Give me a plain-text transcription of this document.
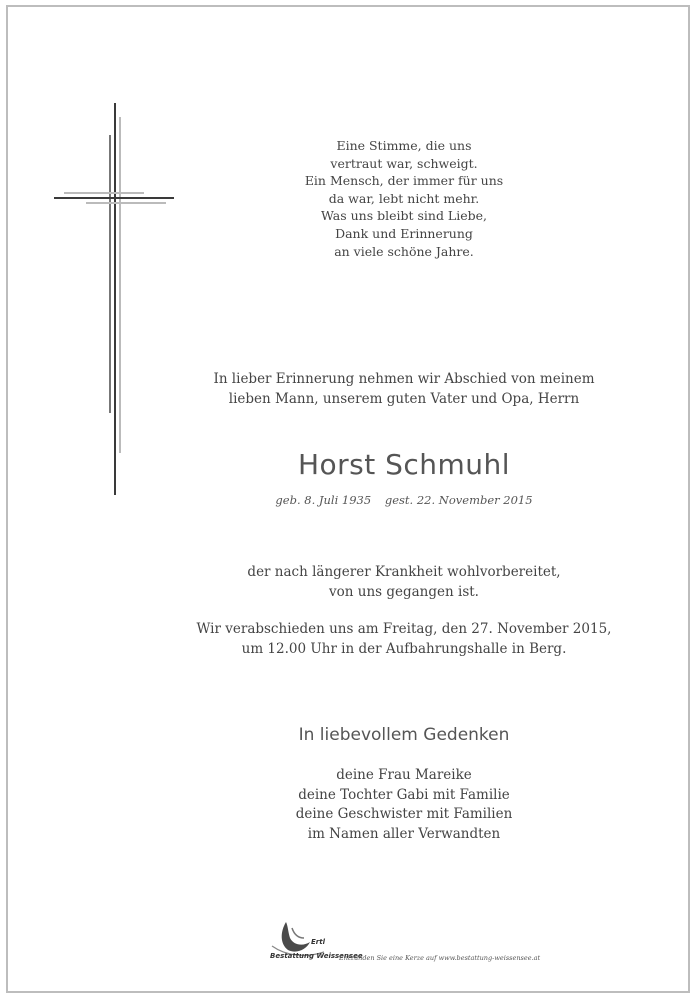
Eine Stimme, die uns
vertraut war, schweigt.
Ein Mensch, der immer für uns
da war, lebt nicht mehr.
Was uns bleibt sind Liebe,
Dank und Erinnerung
an viele schöne Jahre.
In lieber Erinnerung nehmen wir Abschied von meinem
lieben Mann, unserem guten Vater und Opa, Herrn
Horst Schmuhl
geb. 8. Juli 1935 gest. 22. November 2015
der nach längerer Krankheit wohlvorbereitet,
von uns gegangen ist.
Wir verabschieden uns am Freitag, den 27. November 2015,
um 12.00 Uhr in der Aufbahrungshalle in Berg.
In liebevollem Gedenken
deine Frau Mareike
deine Tochter Gabi mit Familie
deine Geschwister mit Familien
im Namen aller Verwandten
Ertl
Bestattung Weissensee
Entzünden Sie eine Kerze auf www.bestattung-weissensee.at
